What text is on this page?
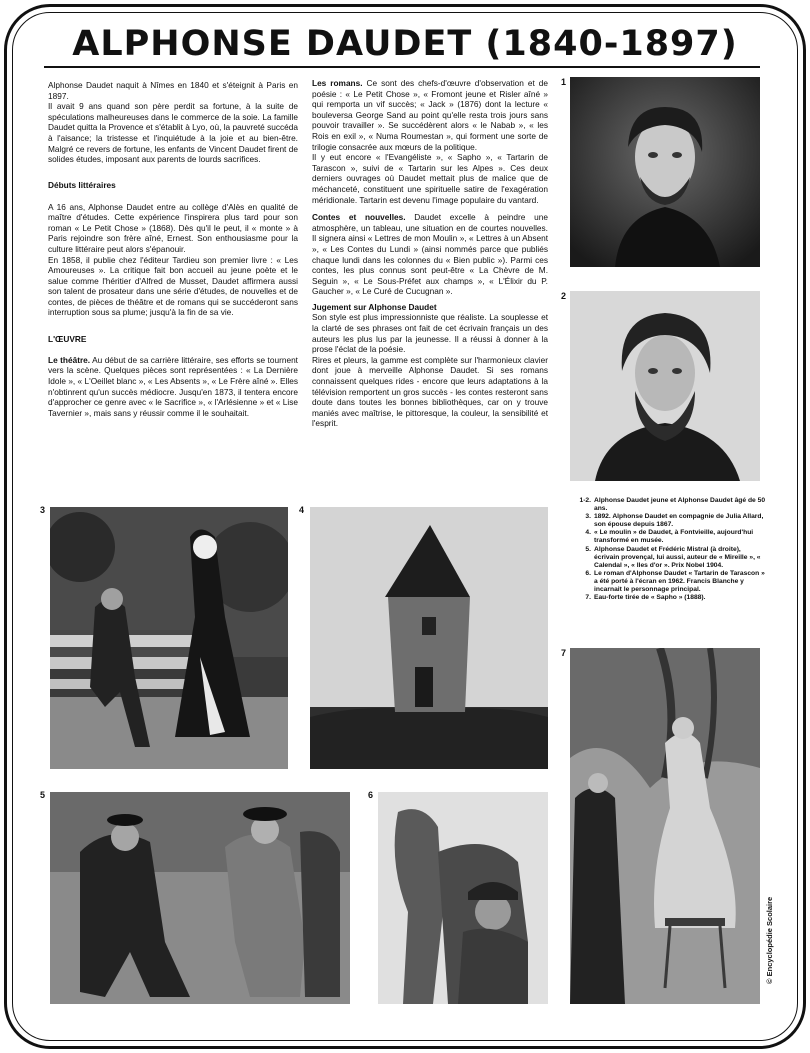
ALPHONSE DAUDET (1840-1897)

Alphonse Daudet naquit à Nîmes en 1840 et s'éteignit à Paris en 1897.

Il avait 9 ans quand son père perdit sa fortune, à la suite de spéculations malheureuses dans le commerce de la soie. La famille Daudet quitta la Provence et s'établit à Lyo, où, la pauvreté succéda à l'aisance; la tristesse et l'inquiétude à la joie et au bien-être. Malgré ce revers de fortune, les enfants de Vincent Daudet firent de solides études, imposant aux parents de lourds sacrifices.

Débuts littéraires

A 16 ans, Alphonse Daudet entre au collège d'Alès en qualité de maître d'études. Cette expérience l'inspirera plus tard pour son roman « Le Petit Chose » (1868). Dès qu'il le peut, il « monte » à Paris rejoindre son frère aîné, Ernest. Son enthousiasme pour la culture littéraire peut alors s'épanouir.

En 1858, il publie chez l'éditeur Tardieu son premier livre : « Les Amoureuses ». La critique fait bon accueil au jeune poète et le salue comme l'héritier d'Alfred de Musset, Daudet affirmera aussi son talent de prosateur dans une série d'études, de nouvelles et de contes, de pièces de théâtre et de romans qui se succéderont sans interruption sous sa plume; jusqu'à la fin de sa vie.

L'ŒUVRE

Le théâtre. Au début de sa carrière littéraire, ses efforts se tournent vers la scène. Quelques pièces sont représentées : « La Dernière Idole », « L'Oeillet blanc », « Les Absents », « Le Frère aîné ». Elles n'obtinrent qu'un succès médiocre. Jusqu'en 1873, il tentera encore d'approcher ce genre avec « le Sacrifice », « l'Arlésienne » et « Lise Tavernier », mais sans y réussir comme il le souhaitait.

Les romans. Ce sont des chefs-d'œuvre d'observation et de poésie : « Le Petit Chose », « Fromont jeune et Risler aîné » qui remporta un vif succès; « Jack » (1876) dont la lecture « bouleversa George Sand au point qu'elle resta trois jours sans pouvoir travailler ». Se succédèrent alors « le Nabab », « les Rois en exil », « Numa Roumestan », qui forment une sorte de trilogie consacrée aux mœurs de la politique.

Il y eut encore « l'Evangéliste », « Sapho », « Tartarin de Tarascon », suivi de « Tartarin sur les Alpes ». Ces deux derniers ouvrages où Daudet mettait plus de malice que de méchanceté, constituent une spirituelle satire de l'exagération méridionale. Tartarin est devenu l'image populaire du vantard.

Contes et nouvelles. Daudet excelle à peindre une atmosphère, un tableau, une situation en de courtes nouvelles. Il signera ainsi « Lettres de mon Moulin », « Lettres à un Absent », « Les Contes du Lundi » (ainsi nommés parce que publiés chaque lundi dans les colonnes du « Bien public »). Parmi ces contes, les plus connus sont peut-être « La Chèvre de M. Seguin », « Le Sous-Préfet aux champs », « L'Élixir du P. Gaucher », « Le Curé de Cucugnan ».

Jugement sur Alphonse Daudet

Son style est plus impressionniste que réaliste. La souplesse et la clarté de ses phrases ont fait de cet écrivain français un des auteurs les plus lus par la jeunesse. Il a réussi à donner à la prose l'éclat de la poésie.

Rires et pleurs, la gamme est complète sur l'harmonieux clavier dont joue à merveille Alphonse Daudet. Si ses romans connaissent quelques rides - encore que leurs adaptations à la télévision remportent un gros succès - les contes resteront sans doute dans toutes les bonnes bibliothèques, car on y trouve maniés avec maîtrise, le pittoresque, la couleur, la sensibilité et l'esprit.

1
2
3	4
5	6
7
1-2. Alphonse Daudet jeune et Alphonse Daudet âgé de 50 ans.
3. 1892. Alphonse Daudet en compagnie de Julia Allard, son épouse depuis 1867.
4. « Le moulin » de Daudet, à Fontvieille, aujourd'hui transformé en musée.
5. Alphonse Daudet et Frédéric Mistral (à droite), écrivain provençal, lui aussi, auteur de « Mireille », « Calendal », « Iles d'or ». Prix Nobel 1904.
6. Le roman d'Alphonse Daudet « Tartarin de Tarascon » a été porté à l'écran en 1962. Francis Blanche y incarnait le personnage principal.
7. Eau-forte tirée de « Sapho » (1888).
© Encyclopédie Scolaire
